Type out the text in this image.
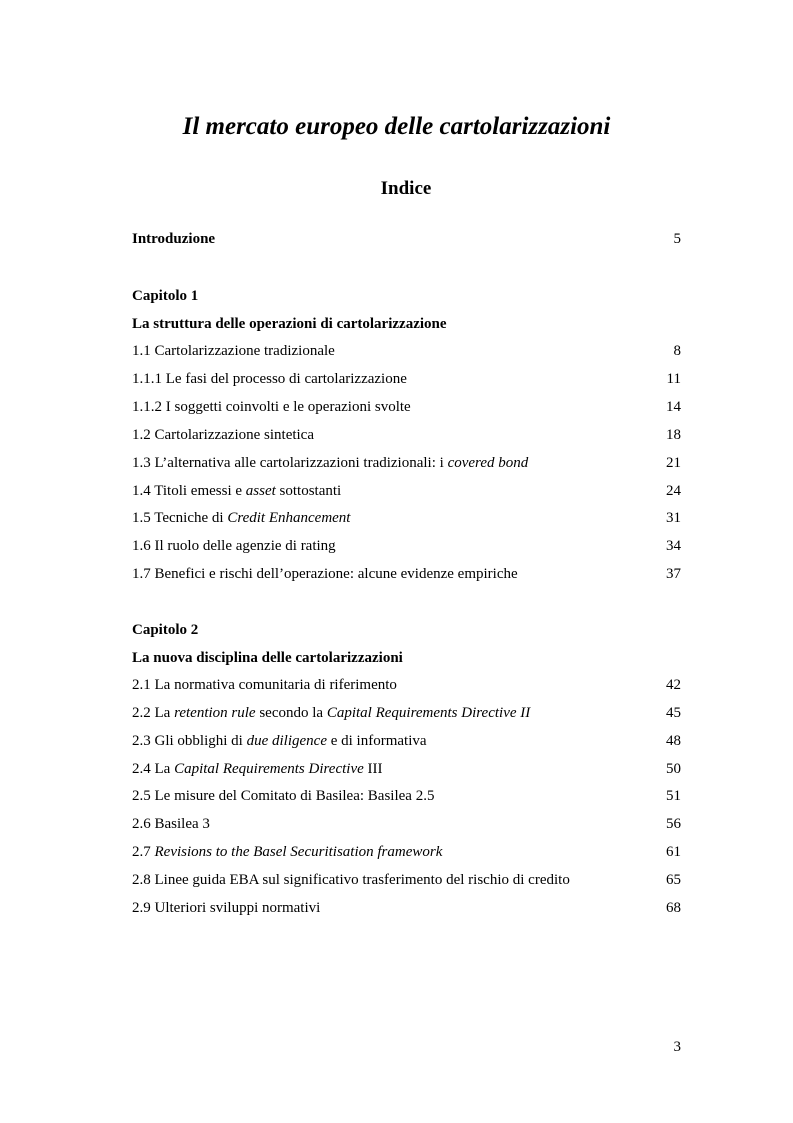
Il mercato europeo delle cartolarizzazioni
Indice
Introduzione	5
Capitolo 1
La struttura delle operazioni di cartolarizzazione
1.1 Cartolarizzazione tradizionale	8
1.1.1 Le fasi del processo di cartolarizzazione	11
1.1.2 I soggetti coinvolti e le operazioni svolte	14
1.2 Cartolarizzazione sintetica	18
1.3 L’alternativa alle cartolarizzazioni tradizionali: i covered bond	21
1.4 Titoli emessi e asset sottostanti	24
1.5 Tecniche di Credit Enhancement	31
1.6 Il ruolo delle agenzie di rating	34
1.7 Benefici e rischi dell’operazione: alcune evidenze empiriche	37
Capitolo 2
La nuova disciplina delle cartolarizzazioni
2.1 La normativa comunitaria di riferimento	42
2.2 La retention rule secondo la Capital Requirements Directive II	45
2.3 Gli obblighi di due diligence e di informativa	48
2.4 La Capital Requirements Directive III	50
2.5 Le misure del Comitato di Basilea: Basilea 2.5	51
2.6 Basilea 3	56
2.7 Revisions to the Basel Securitisation framework	61
2.8 Linee guida EBA sul significativo trasferimento del rischio di credito	65
2.9 Ulteriori sviluppi normativi	68
3
